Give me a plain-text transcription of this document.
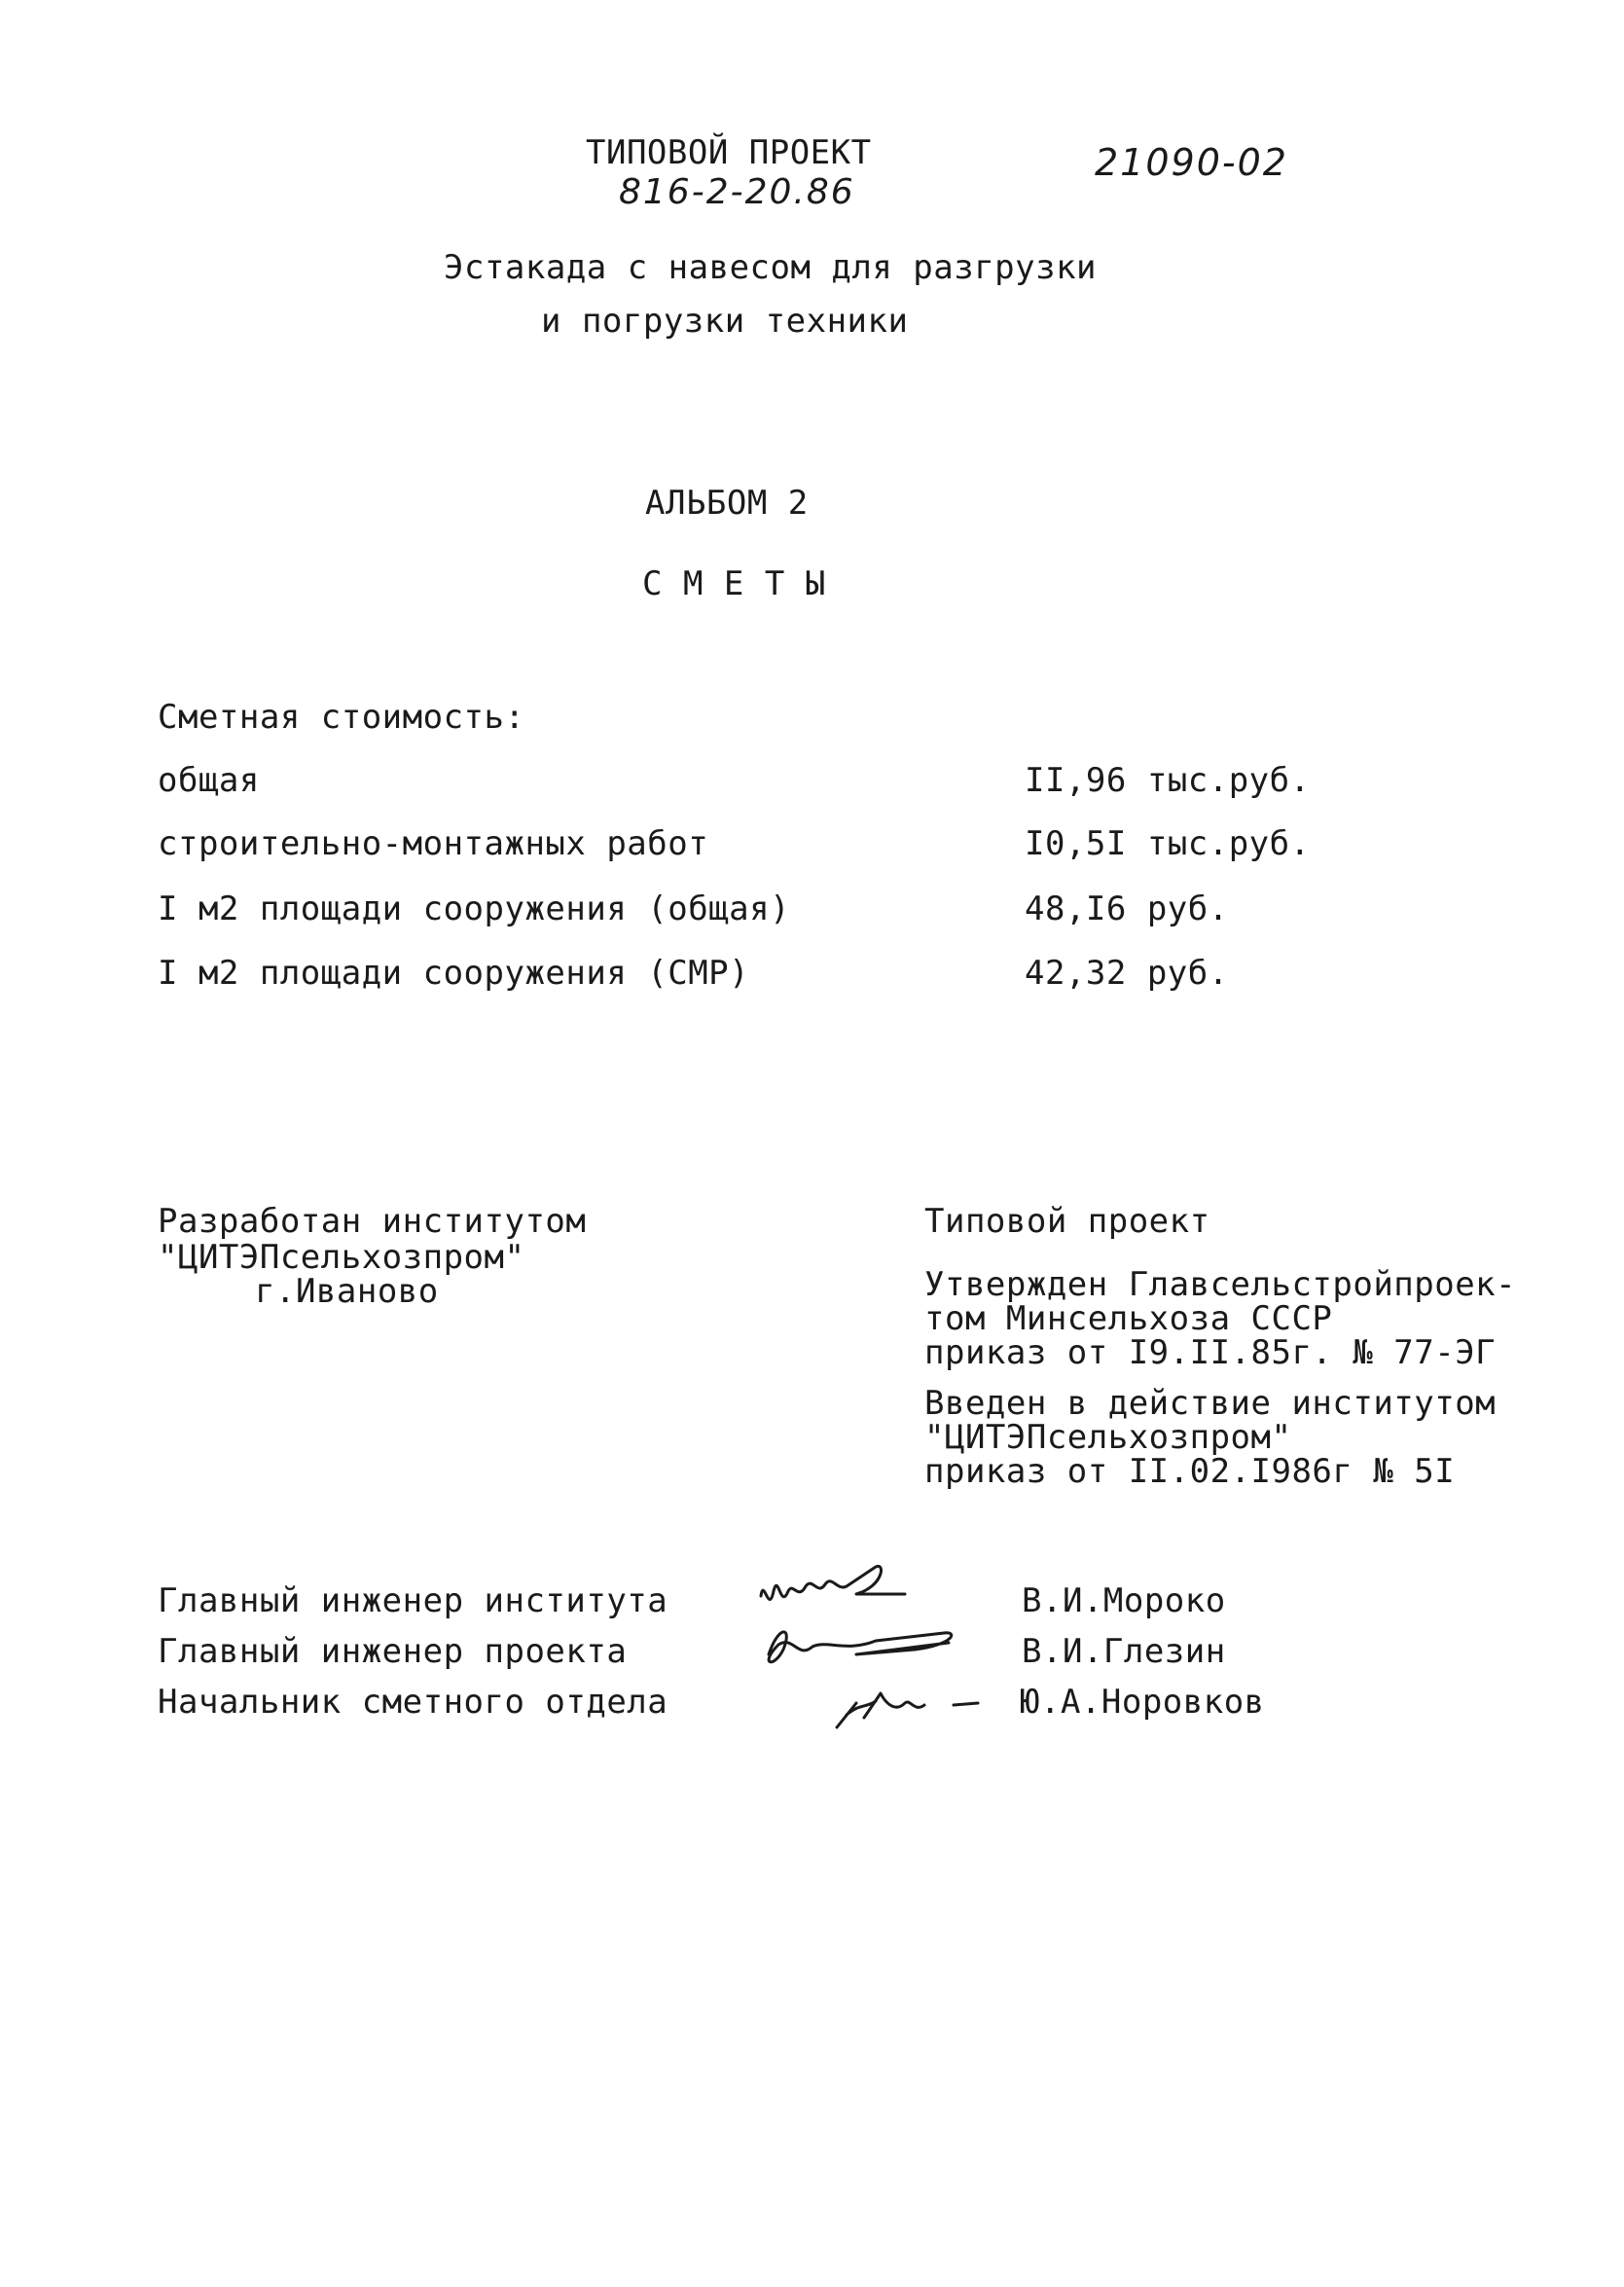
ТИПОВОЙ ПРОЕКТ
816-2-20.86
21090-02
Эстакада с навесом для разгрузки
и погрузки техники
АЛЬБОМ 2
С М Е Т Ы
Сметная стоимость:
общая	II,96 тыс.руб.
строительно-монтажных работ	I0,5I тыс.руб.
I м2 площади сооружения (общая)	48,I6 руб.
I м2 площади сооружения (СМР)	42,32 руб.
Разработан институтом
"ЦИТЭПсельхозпром"
г.Иваново
Типовой проект
Утвержден Главсельстройпроек-
том Минсельхоза СССР
приказ от I9.II.85г. № 77-ЭГ
Введен в действие институтом
"ЦИТЭПсельхозпром"
приказ от II.02.I986г № 5I
Главный инженер института	В.И.Мороко
Главный инженер проекта	В.И.Глезин
Начальник сметного отдела	Ю.А.Норовков
